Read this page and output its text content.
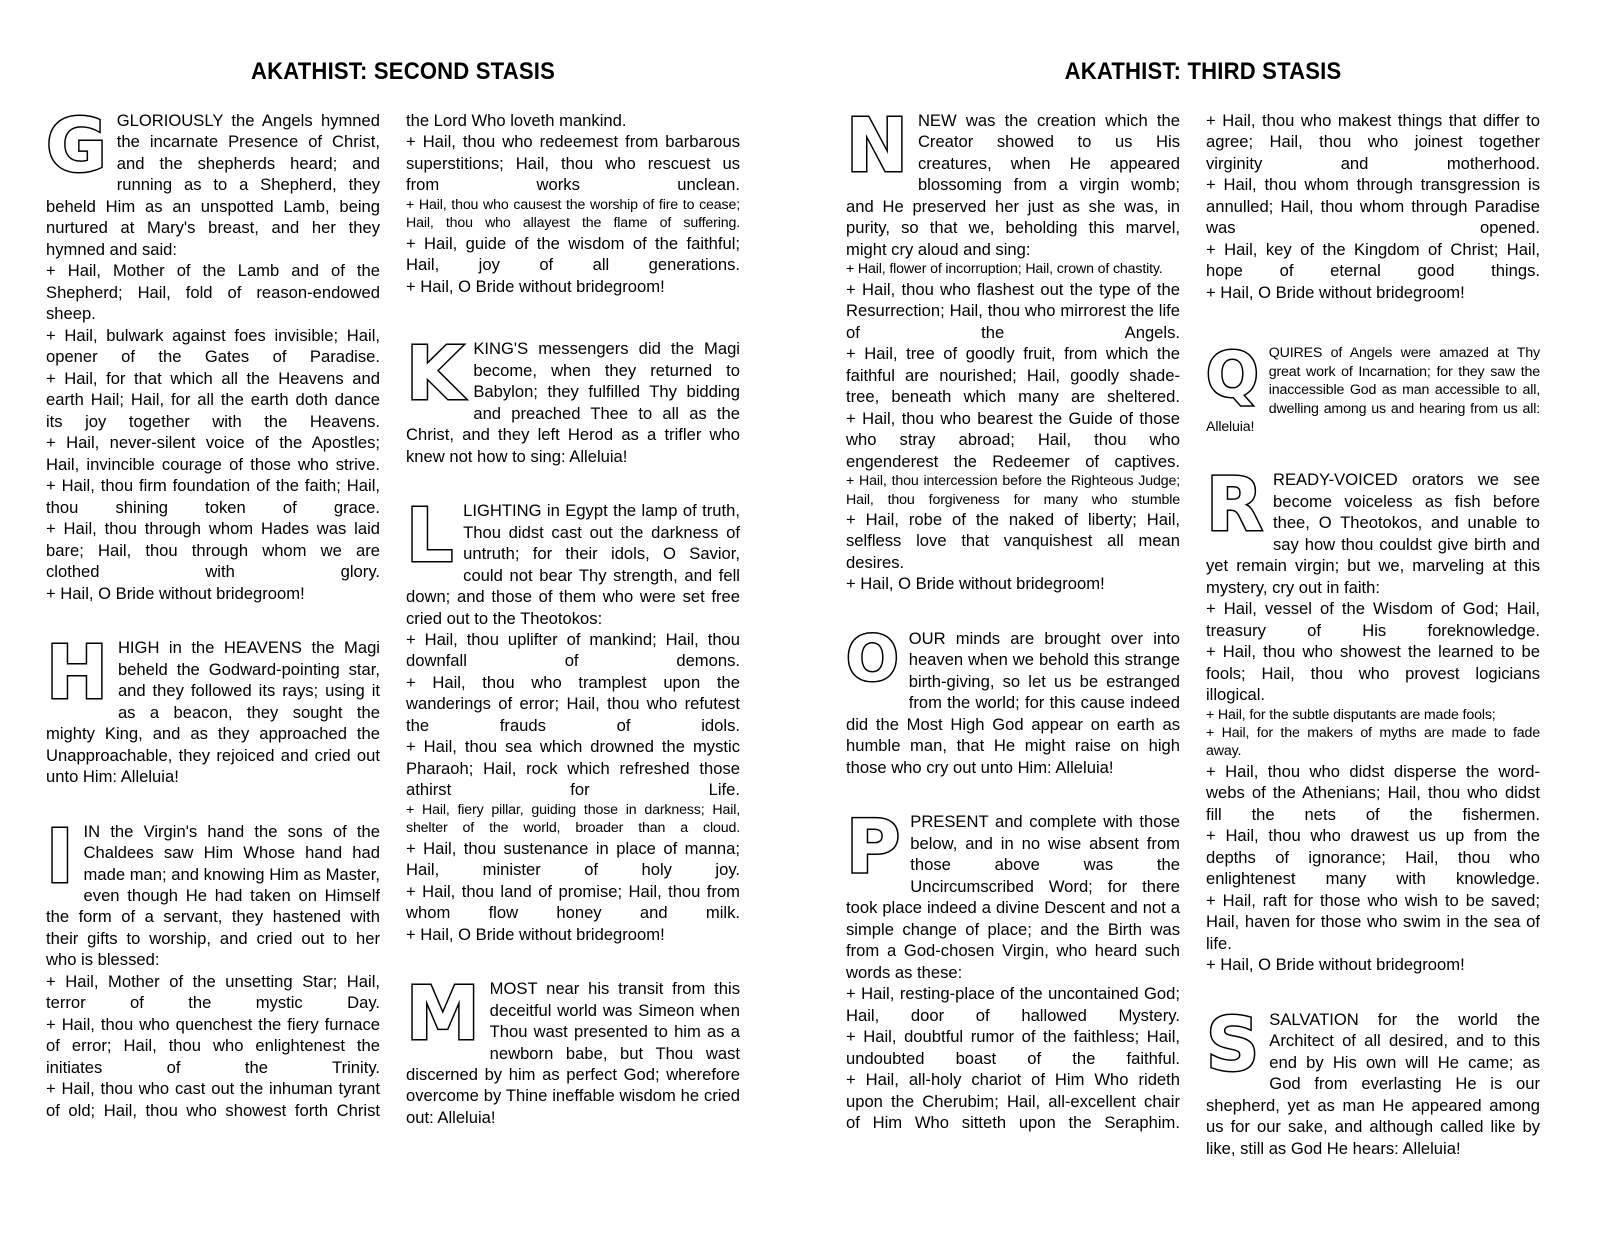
AKATHIST: SECOND STASIS
G GLORIOUSLY the Angels hymned the incarnate Presence of Christ, and the shepherds heard; and running as to a Shepherd, they beheld Him as an unspotted Lamb, being nurtured at Mary's breast, and her they hymned and said:

+ Hail, Mother of the Lamb and of the Shepherd; Hail, fold of reason-endowed sheep.

+ Hail, bulwark against foes invisible; Hail, opener of the Gates of Paradise.

+ Hail, for that which all the Heavens and earth Hail; Hail, for all the earth doth dance its joy together with the Heavens.

+ Hail, never-silent voice of the Apostles; Hail, invincible courage of those who strive.

+ Hail, thou firm foundation of the faith; Hail, thou shining token of grace.

+ Hail, thou through whom Hades was laid bare; Hail, thou through whom we are clothed with glory.

+ Hail, O Bride without bridegroom!

H HIGH in the HEAVENS the Magi beheld the Godward-pointing star, and they followed its rays; using it as a beacon, they sought the mighty King, and as they approached the Unapproachable, they rejoiced and cried out unto Him: Alleluia!

I IN the Virgin's hand the sons of the Chaldees saw Him Whose hand had made man; and knowing Him as Master, even though He had taken on Himself the form of a servant, they hastened with their gifts to worship, and cried out to her who is blessed:

+ Hail, Mother of the unsetting Star; Hail, terror of the mystic Day.

+ Hail, thou who quenchest the fiery furnace of error; Hail, thou who enlightenest the initiates of the Trinity.

+ Hail, thou who cast out the inhuman tyrant of old; Hail, thou who showest forth Christ

the Lord Who loveth mankind.

+ Hail, thou who redeemest from barbarous superstitions; Hail, thou who rescuest us from works unclean.

+ Hail, thou who causest the worship of fire to cease; Hail, thou who allayest the flame of suffering.

+ Hail, guide of the wisdom of the faithful; Hail, joy of all generations.

+ Hail, O Bride without bridegroom!

K KING'S messengers did the Magi become, when they returned to Babylon; they fulfilled Thy bidding and preached Thee to all as the Christ, and they left Herod as a trifler who knew not how to sing: Alleluia!

L LIGHTING in Egypt the lamp of truth, Thou didst cast out the darkness of untruth; for their idols, O Savior, could not bear Thy strength, and fell down; and those of them who were set free cried out to the Theotokos:

+ Hail, thou uplifter of mankind; Hail, thou downfall of demons.

+ Hail, thou who tramplest upon the wanderings of error; Hail, thou who refutest the frauds of idols.

+ Hail, thou sea which drowned the mystic Pharaoh; Hail, rock which refreshed those athirst for Life.

+ Hail, fiery pillar, guiding those in darkness; Hail, shelter of the world, broader than a cloud.

+ Hail, thou sustenance in place of manna; Hail, minister of holy joy.

+ Hail, thou land of promise; Hail, thou from whom flow honey and milk.

+ Hail, O Bride without bridegroom!

M MOST near his transit from this deceitful world was Simeon when Thou wast presented to him as a newborn babe, but Thou wast discerned by him as perfect God; wherefore overcome by Thine ineffable wisdom he cried out: Alleluia!

AKATHIST: THIRD STASIS
N NEW was the creation which the Creator showed to us His creatures, when He appeared blossoming from a virgin womb; and He preserved her just as she was, in purity, so that we, beholding this marvel, might cry aloud and sing:

+ Hail, flower of incorruption; Hail, crown of chastity.

+ Hail, thou who flashest out the type of the Resurrection; Hail, thou who mirrorest the life of the Angels.

+ Hail, tree of goodly fruit, from which the faithful are nourished; Hail, goodly shade-tree, beneath which many are sheltered.

+ Hail, thou who bearest the Guide of those who stray abroad; Hail, thou who engenderest the Redeemer of captives.

+ Hail, thou intercession before the Righteous Judge; Hail, thou forgiveness for many who stumble

+ Hail, robe of the naked of liberty; Hail, selfless love that vanquishest all mean desires.

+ Hail, O Bride without bridegroom!

O OUR minds are brought over into heaven when we behold this strange birth-giving, so let us be estranged from the world; for this cause indeed did the Most High God appear on earth as humble man, that He might raise on high those who cry out unto Him: Alleluia!

P PRESENT and complete with those below, and in no wise absent from those above was the Uncircumscribed Word; for there took place indeed a divine Descent and not a simple change of place; and the Birth was from a God-chosen Virgin, who heard such words as these:

+ Hail, resting-place of the uncontained God; Hail, door of hallowed Mystery.

+ Hail, doubtful rumor of the faithless; Hail, undoubted boast of the faithful.

+ Hail, all-holy chariot of Him Who rideth upon the Cherubim; Hail, all-excellent chair of Him Who sitteth upon the Seraphim.

+ Hail, thou who makest things that differ to agree; Hail, thou who joinest together virginity and motherhood.

+ Hail, thou whom through transgression is annulled; Hail, thou whom through Paradise was opened.

+ Hail, key of the Kingdom of Christ; Hail, hope of eternal good things.

+ Hail, O Bride without bridegroom!

Q QUIRES of Angels were amazed at Thy great work of Incarnation; for they saw the inaccessible God as man accessible to all, dwelling among us and hearing from us all: Alleluia!

R READY-VOICED orators we see become voiceless as fish before thee, O Theotokos, and unable to say how thou couldst give birth and yet remain virgin; but we, marveling at this mystery, cry out in faith:

+ Hail, vessel of the Wisdom of God; Hail, treasury of His foreknowledge.

+ Hail, thou who showest the learned to be fools; Hail, thou who provest logicians illogical.

+ Hail, for the subtle disputants are made fools;

+ Hail, for the makers of myths are made to fade away.

+ Hail, thou who didst disperse the word-webs of the Athenians; Hail, thou who didst fill the nets of the fishermen.

+ Hail, thou who drawest us up from the depths of ignorance; Hail, thou who enlightenest many with knowledge.

+ Hail, raft for those who wish to be saved; Hail, haven for those who swim in the sea of life.

+ Hail, O Bride without bridegroom!

S SALVATION for the world the Architect of all desired, and to this end by His own will He came; as God from everlasting He is our shepherd, yet as man He appeared among us for our sake, and although called like by like, still as God He hears: Alleluia!
